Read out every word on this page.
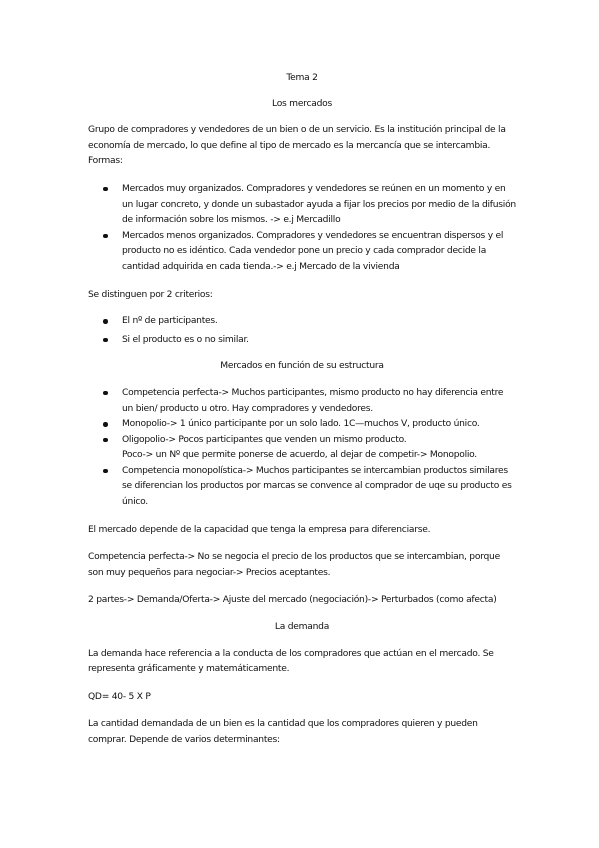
Tema 2

Los mercados

Grupo de compradores y vendedores de un bien o de un servicio. Es la institución principal de la economía de mercado, lo que define al tipo de mercado es la mercancía que se intercambia. Formas:

Mercados muy organizados. Compradores y vendedores se reúnen en un momento y en un lugar concreto, y donde un subastador ayuda a fijar los precios por medio de la difusión de información sobre los mismos. -> e.j Mercadillo
Mercados menos organizados. Compradores y vendedores se encuentran dispersos y el producto no es idéntico. Cada vendedor pone un precio y cada comprador decide la cantidad adquirida en cada tienda.-> e.j Mercado de la vivienda

Se distinguen por 2 criterios:

El nº de participantes.
Si el producto es o no similar.

Mercados en función de su estructura

Competencia perfecta-> Muchos participantes, mismo producto no hay diferencia entre un bien/ producto u otro. Hay compradores y vendedores.
Monopolio-> 1 único participante por un solo lado. 1C—muchos V, producto único.
Oligopolio-> Pocos participantes que venden un mismo producto.
Poco-> un Nº que permite ponerse de acuerdo, al dejar de competir-> Monopolio.
Competencia monopolística-> Muchos participantes se intercambian productos similares se diferencian los productos por marcas se convence al comprador de uqe su producto es único.

El mercado depende de la capacidad que tenga la empresa para diferenciarse.

Competencia perfecta-> No se negocia el precio de los productos que se intercambian, porque son muy pequeños para negociar-> Precios aceptantes.

2 partes-> Demanda/Oferta-> Ajuste del mercado (negociación)-> Perturbados (como afecta)

La demanda

La demanda hace referencia a la conducta de los compradores que actúan en el mercado. Se representa gráficamente y matemáticamente.

QD= 40- 5 X P

La cantidad demandada de un bien es la cantidad que los compradores quieren y pueden comprar. Depende de varios determinantes:
